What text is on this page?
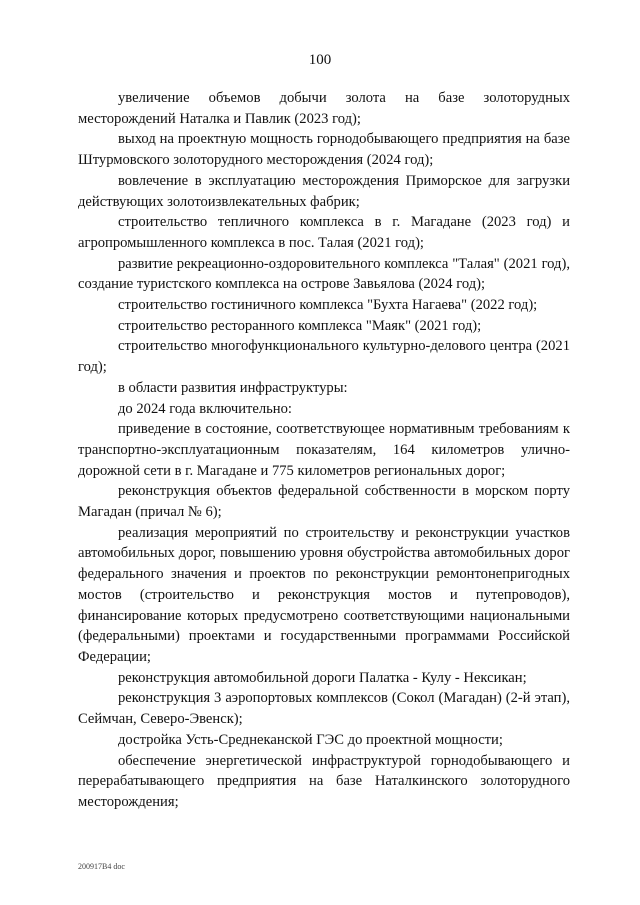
100

увеличение объемов добычи золота на базе золоторудных месторождений Наталка и Павлик (2023 год);

выход на проектную мощность горнодобывающего предприятия на базе Штурмовского золоторудного месторождения (2024 год);

вовлечение в эксплуатацию месторождения Приморское для загрузки действующих золотоизвлекательных фабрик;

строительство тепличного комплекса в г. Магадане (2023 год) и агропромышленного комплекса в пос. Талая (2021 год);

развитие рекреационно-оздоровительного комплекса "Талая" (2021 год), создание туристского комплекса на острове Завьялова (2024 год);

строительство гостиничного комплекса "Бухта Нагаева" (2022 год);

строительство ресторанного комплекса "Маяк" (2021 год);

строительство многофункционального культурно-делового центра (2021 год);

в области развития инфраструктуры:

до 2024 года включительно:

приведение в состояние, соответствующее нормативным требованиям к транспортно-эксплуатационным показателям, 164 километров улично-дорожной сети в г. Магадане и 775 километров региональных дорог;

реконструкция объектов федеральной собственности в морском порту Магадан (причал № 6);

реализация мероприятий по строительству и реконструкции участков автомобильных дорог, повышению уровня обустройства автомобильных дорог федерального значения и проектов по реконструкции ремонтонепригодных мостов (строительство и реконструкция мостов и путепроводов), финансирование которых предусмотрено соответствующими национальными (федеральными) проектами и государственными программами Российской Федерации;

реконструкция автомобильной дороги Палатка - Кулу - Нексикан;

реконструкция 3 аэропортовых комплексов (Сокол (Магадан) (2-й этап), Сеймчан, Северо-Эвенск);

достройка Усть-Среднеканской ГЭС до проектной мощности;

обеспечение энергетической инфраструктурой горнодобывающего и перерабатывающего предприятия на базе Наталкинского золоторудного месторождения;

200917В4 doc
